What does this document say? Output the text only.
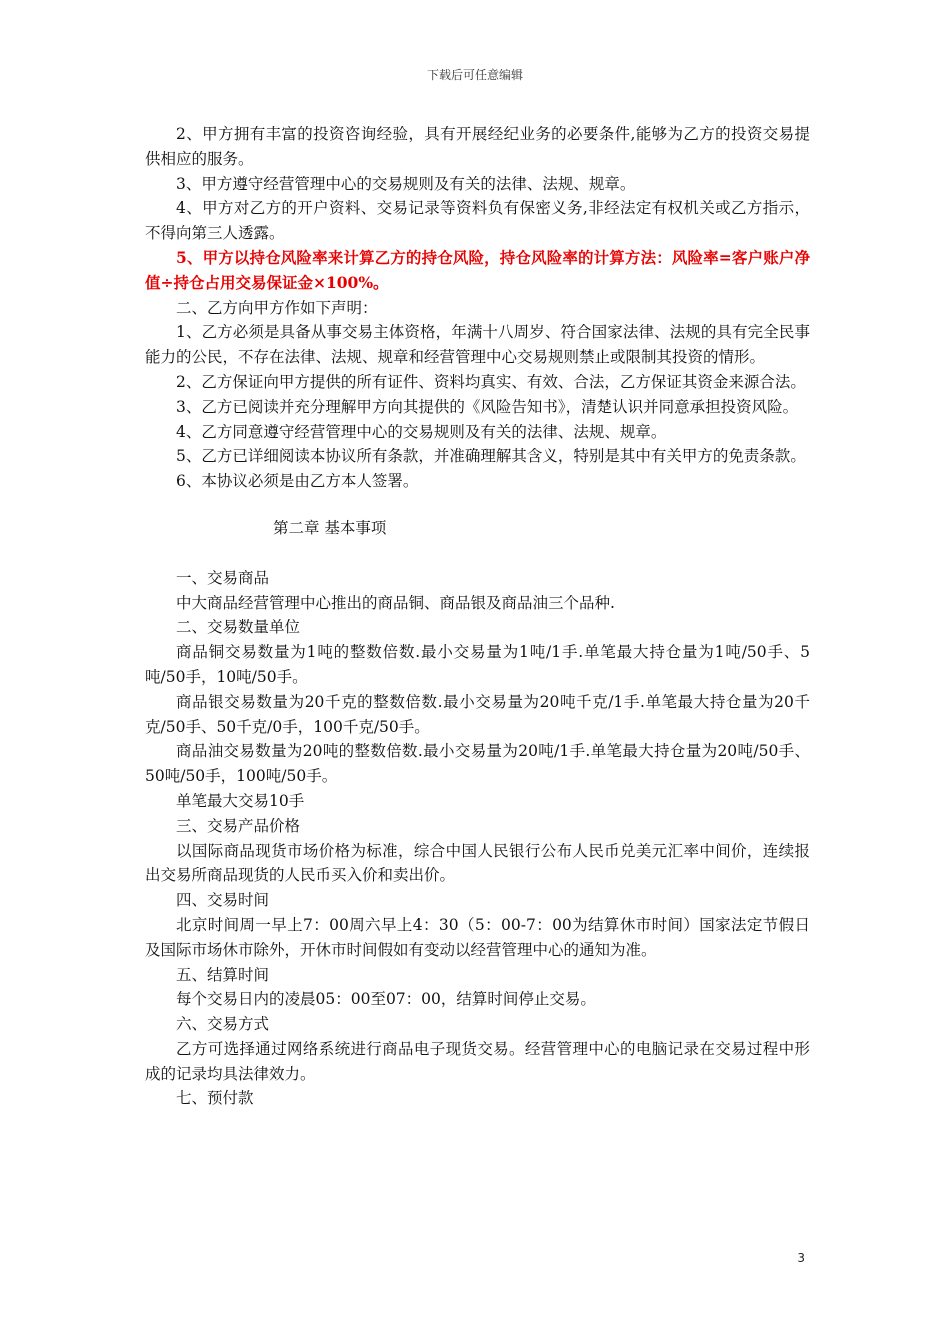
下载后可任意编辑

2、甲方拥有丰富的投资咨询经验，具有开展经纪业务的必要条件,能够为乙方的投资交易提供相应的服务。

3、甲方遵守经营管理中心的交易规则及有关的法律、法规、规章。

4、甲方对乙方的开户资料、交易记录等资料负有保密义务,非经法定有权机关或乙方指示，不得向第三人透露。

5、甲方以持仓风险率来计算乙方的持仓风险，持仓风险率的计算方法：风险率=客户账户净值÷持仓占用交易保证金×100%。

二、乙方向甲方作如下声明：

1、乙方必须是具备从事交易主体资格，年满十八周岁、符合国家法律、法规的具有完全民事能力的公民，不存在法律、法规、规章和经营管理中心交易规则禁止或限制其投资的情形。

2、乙方保证向甲方提供的所有证件、资料均真实、有效、合法，乙方保证其资金来源合法。

3、乙方已阅读并充分理解甲方向其提供的《风险告知书》，清楚认识并同意承担投资风险。

4、乙方同意遵守经营管理中心的交易规则及有关的法律、法规、规章。

5、乙方已详细阅读本协议所有条款，并准确理解其含义，特别是其中有关甲方的免责条款。

6、本协议必须是由乙方本人签署。

第二章 基本事项

一、交易商品

中大商品经营管理中心推出的商品铜、商品银及商品油三个品种.

二、交易数量单位

商品铜交易数量为1吨的整数倍数.最小交易量为1吨/1手.单笔最大持仓量为1吨/50手、5吨/50手，10吨/50手。

商品银交易数量为20千克的整数倍数.最小交易量为20吨千克/1手.单笔最大持仓量为20千克/50手、50千克/0手，100千克/50手。

商品油交易数量为20吨的整数倍数.最小交易量为20吨/1手.单笔最大持仓量为20吨/50手、50吨/50手，100吨/50手。

单笔最大交易10手

三、交易产品价格

以国际商品现货市场价格为标准，综合中国人民银行公布人民币兑美元汇率中间价，连续报出交易所商品现货的人民币买入价和卖出价。

四、交易时间

北京时间周一早上7：00周六早上4：30（5：00-7：00为结算休市时间）国家法定节假日及国际市场休市除外，开休市时间假如有变动以经营管理中心的通知为准。

五、结算时间

每个交易日内的凌晨05：00至07：00，结算时间停止交易。

六、交易方式

乙方可选择通过网络系统进行商品电子现货交易。经营管理中心的电脑记录在交易过程中形成的记录均具法律效力。

七、预付款

3
